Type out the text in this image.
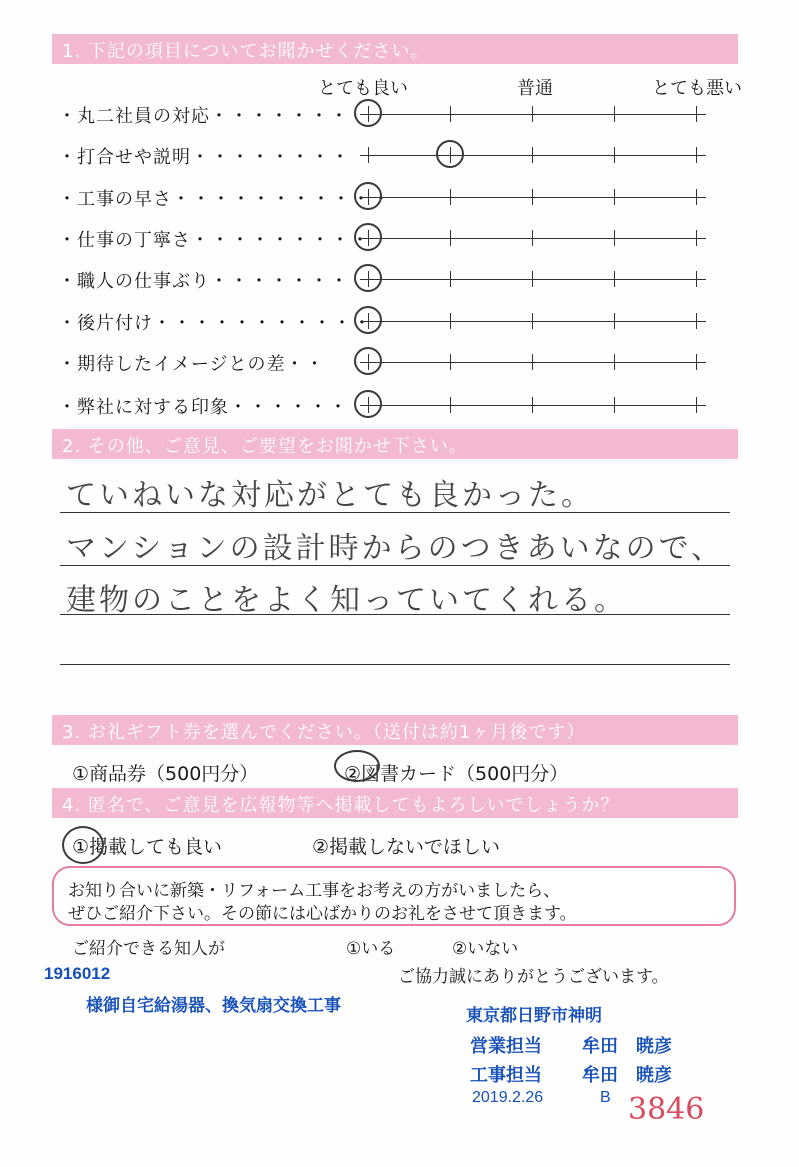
1. 下記の項目についてお聞かせください。
とても良い	普通	とても悪い
・丸二社員の対応・・・・・・・
・打合せや説明・・・・・・・・
・工事の早さ・・・・・・・・・・・
・仕事の丁寧さ・・・・・・・・・
・職人の仕事ぶり・・・・・・・
・後片付け・・・・・・・・・・・
・期待したイメージとの差・・
・弊社に対する印象・・・・・・
2. その他、ご意見、ご要望をお聞かせ下さい。
ていねいな対応がとても良かった。
マンションの設計時からのつきあいなので、
建物のことをよく知っていてくれる。
3. お礼ギフト券を選んでください。（送付は約1ヶ月後です）
①商品券（500円分）	②図書カード（500円分）
4. 匿名で、ご意見を広報物等へ掲載してもよろしいでしょうか？
①掲載しても良い	②掲載しないでほしい

お知り合いに新築・リフォーム工事をお考えの方がいましたら、

ぜひご紹介下さい。その節には心ばかりのお礼をさせて頂きます。

ご紹介できる知人が	①いる	②いない
ご協力誠にありがとうございます。
1916012
様御自宅給湯器、換気扇交換工事
東京都日野市神明
営業担当 牟田　暁彦
工事担当 牟田　暁彦
2019.2.26	B 3846
